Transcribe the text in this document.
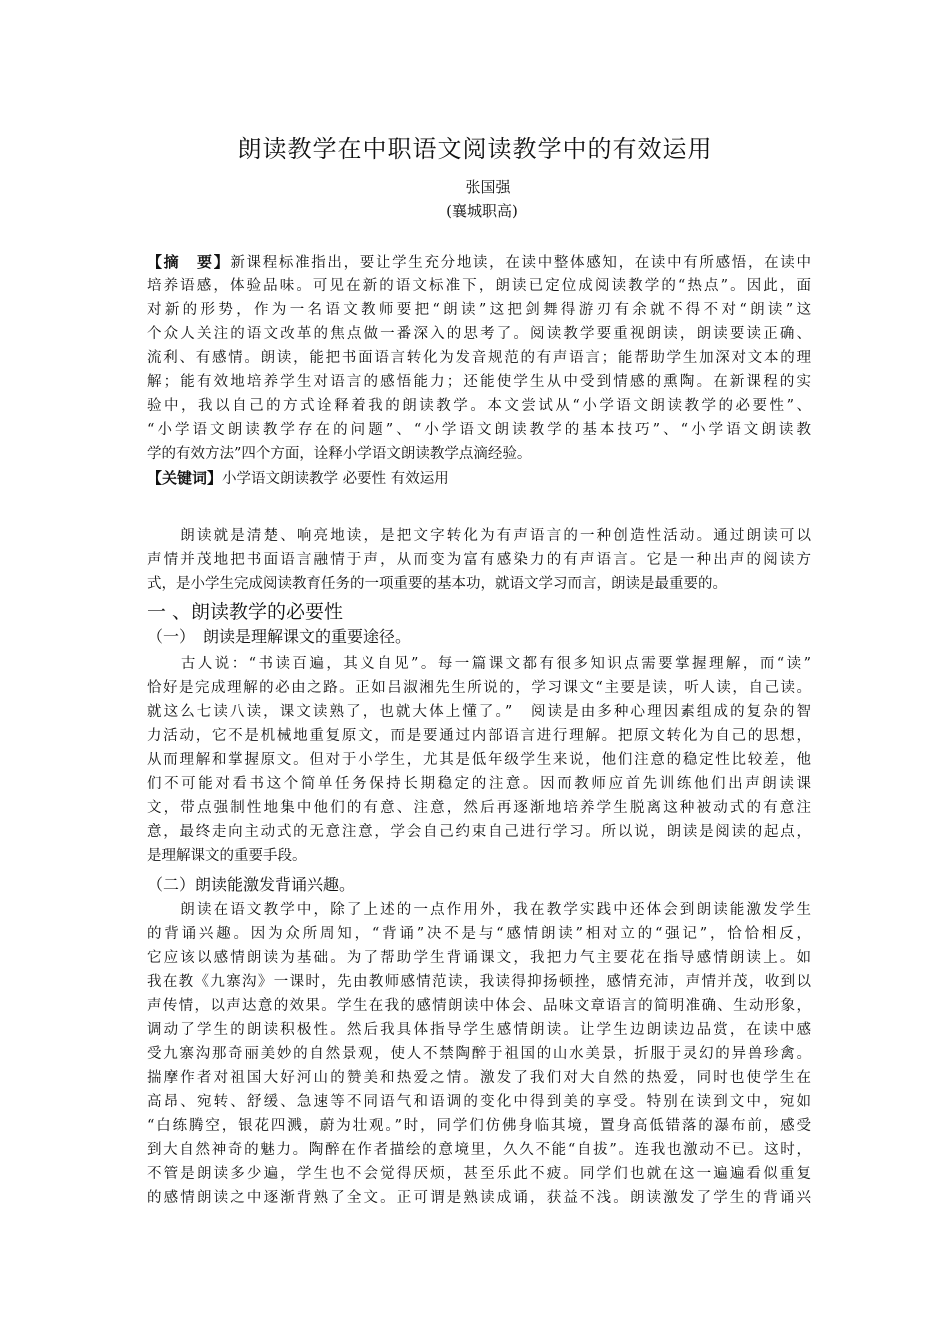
朗读教学在中职语文阅读教学中的有效运用
张国强
(襄城职高)
【摘　要】新课程标准指出，要让学生充分地读，在读中整体感知，在读中有所感悟，在读中
培养语感，体验品味。可见在新的语文标准下，朗读已定位成阅读教学的“热点”。因此，面
对新的形势，作为一名语文教师要把“朗读”这把剑舞得游刃有余就不得不对“朗读”这
个众人关注的语文改革的焦点做一番深入的思考了。阅读教学要重视朗读，朗读要读正确、
流利、有感情。朗读，能把书面语言转化为发音规范的有声语言；能帮助学生加深对文本的理
解；能有效地培养学生对语言的感悟能力；还能使学生从中受到情感的熏陶。在新课程的实
验中，我以自己的方式诠释着我的朗读教学。本文尝试从“小学语文朗读教学的必要性”、
“小学语文朗读教学存在的问题”、“小学语文朗读教学的基本技巧”、“小学语文朗读教
学的有效方法”四个方面，诠释小学语文朗读教学点滴经验。
【关键词】小学语文朗读教学 必要性 有效运用
　　朗读就是清楚、响亮地读，是把文字转化为有声语言的一种创造性活动。通过朗读可以
声情并茂地把书面语言融情于声，从而变为富有感染力的有声语言。它是一种出声的阅读方
式，是小学生完成阅读教育任务的一项重要的基本功，就语文学习而言，朗读是最重要的。
一 、朗读教学的必要性
（一）　朗读是理解课文的重要途径。
　　古人说：“书读百遍，其义自见”。每一篇课文都有很多知识点需要掌握理解，而“读”
恰好是完成理解的必由之路。正如吕淑湘先生所说的，学习课文“主要是读，听人读，自己读。
就这么七读八读，课文读熟了，也就大体上懂了。”　阅读是由多种心理因素组成的复杂的智
力活动，它不是机械地重复原文，而是要通过内部语言进行理解。把原文转化为自己的思想，
从而理解和掌握原文。但对于小学生，尤其是低年级学生来说，他们注意的稳定性比较差，他
们不可能对看书这个简单任务保持长期稳定的注意。因而教师应首先训练他们出声朗读课
文，带点强制性地集中他们的有意、注意，然后再逐渐地培养学生脱离这种被动式的有意注
意，最终走向主动式的无意注意，学会自己约束自己进行学习。所以说，朗读是阅读的起点，
是理解课文的重要手段。
（二）朗读能激发背诵兴趣。
　　朗读在语文教学中，除了上述的一点作用外，我在教学实践中还体会到朗读能激发学生
的背诵兴趣。因为众所周知，“背诵”决不是与“感情朗读”相对立的“强记”，恰恰相反，
它应该以感情朗读为基础。为了帮助学生背诵课文，我把力气主要花在指导感情朗读上。如
我在教《九寨沟》一课时，先由教师感情范读，我读得抑扬顿挫，感情充沛，声情并茂，收到以
声传情，以声达意的效果。学生在我的感情朗读中体会、品味文章语言的简明准确、生动形象，
调动了学生的朗读积极性。然后我具体指导学生感情朗读。让学生边朗读边品赏，在读中感
受九寨沟那奇丽美妙的自然景观，使人不禁陶醉于祖国的山水美景，折服于灵幻的异兽珍禽。
揣摩作者对祖国大好河山的赞美和热爱之情。激发了我们对大自然的热爱，同时也使学生在
高昂、宛转、舒缓、急速等不同语气和语调的变化中得到美的享受。特别在读到文中，宛如
“白练腾空，银花四溅，蔚为壮观。”时，同学们仿佛身临其境，置身高低错落的瀑布前，感受
到大自然神奇的魅力。陶醉在作者描绘的意境里，久久不能“自拔”。连我也激动不已。这时，
不管是朗读多少遍，学生也不会觉得厌烦，甚至乐此不疲。同学们也就在这一遍遍看似重复
的感情朗读之中逐渐背熟了全文。正可谓是熟读成诵，获益不浅。朗读激发了学生的背诵兴
